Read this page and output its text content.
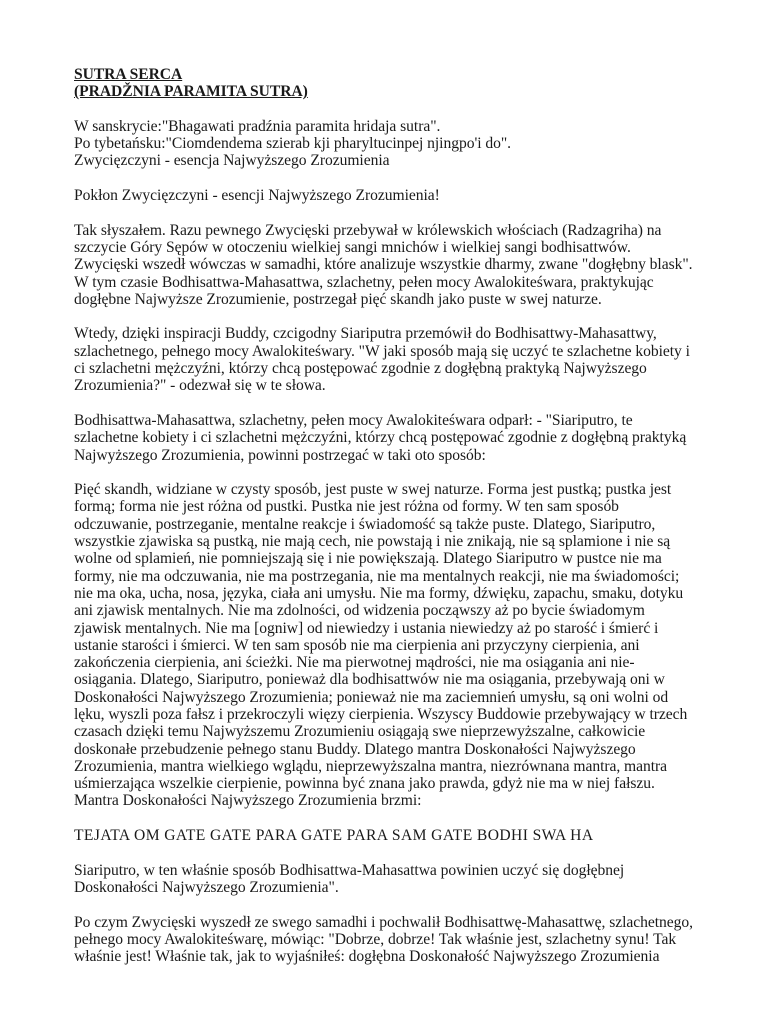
SUTRA SERCA
(PRADŽNIA PARAMITA SUTRA)

W sanskrycie:"Bhagawati pradźnia paramita hridaja sutra".
Po tybetańsku:"Ciomdendema szierab kji pharyltucinpej njingpo'i do".
Zwycięzczyni - esencja Najwyższego Zrozumienia

Pokłon Zwycięzczyni - esencji Najwyższego Zrozumienia!

Tak słyszałem. Razu pewnego Zwycięski przebywał w królewskich włościach (Radzagriha) na
szczycie Góry Sępów w otoczeniu wielkiej sangi mnichów i wielkiej sangi bodhisattwów.
Zwycięski wszedł wówczas w samadhi, które analizuje wszystkie dharmy, zwane "dogłębny blask".
W tym czasie Bodhisattwa-Mahasattwa, szlachetny, pełen mocy Awalokiteśwara, praktykując
dogłębne Najwyższe Zrozumienie, postrzegał pięć skandh jako puste w swej naturze.

Wtedy, dzięki inspiracji Buddy, czcigodny Siariputra przemówił do Bodhisattwy-Mahasattwy,
szlachetnego, pełnego mocy Awalokiteśwary. "W jaki sposób mają się uczyć te szlachetne kobiety i
ci szlachetni mężczyźni, którzy chcą postępować zgodnie z dogłębną praktyką Najwyższego
Zrozumienia?" - odezwał się w te słowa.

Bodhisattwa-Mahasattwa, szlachetny, pełen mocy Awalokiteśwara odparł: - "Siariputro, te
szlachetne kobiety i ci szlachetni mężczyźni, którzy chcą postępować zgodnie z dogłębną praktyką
Najwyższego Zrozumienia, powinni postrzegać w taki oto sposób:

Pięć skandh, widziane w czysty sposób, jest puste w swej naturze. Forma jest pustką; pustka jest
formą; forma nie jest różna od pustki. Pustka nie jest różna od formy. W ten sam sposób
odczuwanie, postrzeganie, mentalne reakcje i świadomość są także puste. Dlatego, Siariputro,
wszystkie zjawiska są pustką, nie mają cech, nie powstają i nie znikają, nie są splamione i nie są
wolne od splamień, nie pomniejszają się i nie powiększają. Dlatego Siariputro w pustce nie ma
formy, nie ma odczuwania, nie ma postrzegania, nie ma mentalnych reakcji, nie ma świadomości;
nie ma oka, ucha, nosa, języka, ciała ani umysłu. Nie ma formy, dźwięku, zapachu, smaku, dotyku
ani zjawisk mentalnych. Nie ma zdolności, od widzenia począwszy aż po bycie świadomym
zjawisk mentalnych. Nie ma [ogniw] od niewiedzy i ustania niewiedzy aż po starość i śmierć i
ustanie starości i śmierci. W ten sam sposób nie ma cierpienia ani przyczyny cierpienia, ani
zakończenia cierpienia, ani ścieżki. Nie ma pierwotnej mądrości, nie ma osiągania ani nie-
osiągania. Dlatego, Siariputro, ponieważ dla bodhisattwów nie ma osiągania, przebywają oni w
Doskonałości Najwyższego Zrozumienia; ponieważ nie ma zaciemnień umysłu, są oni wolni od
lęku, wyszli poza fałsz i przekroczyli więzy cierpienia. Wszyscy Buddowie przebywający w trzech
czasach dzięki temu Najwyższemu Zrozumieniu osiągają swe nieprzewyższalne, całkowicie
doskonałe przebudzenie pełnego stanu Buddy. Dlatego mantra Doskonałości Najwyższego
Zrozumienia, mantra wielkiego wglądu, nieprzewyższalna mantra, niezrównana mantra, mantra
uśmierzająca wszelkie cierpienie, powinna być znana jako prawda, gdyż nie ma w niej fałszu.
Mantra Doskonałości Najwyższego Zrozumienia brzmi:

TEJATA OM GATE GATE PARA GATE PARA SAM GATE BODHI SWA HA

Siariputro, w ten właśnie sposób Bodhisattwa-Mahasattwa powinien uczyć się dogłębnej
Doskonałości Najwyższego Zrozumienia".

Po czym Zwycięski wyszedł ze swego samadhi i pochwalił Bodhisattwę-Mahasattwę, szlachetnego,
pełnego mocy Awalokiteśwarę, mówiąc: "Dobrze, dobrze! Tak właśnie jest, szlachetny synu! Tak
właśnie jest! Właśnie tak, jak to wyjaśniłeś: dogłębna Doskonałość Najwyższego Zrozumienia
